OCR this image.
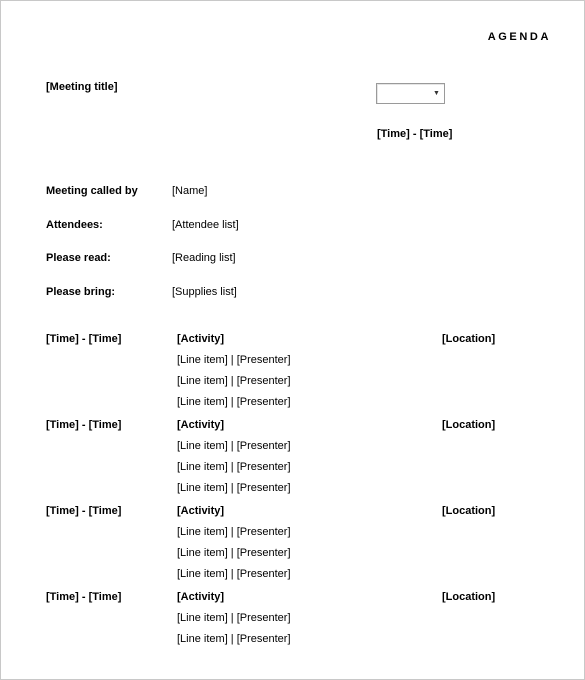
AGENDA
[Meeting title]
▼
[Time] - [Time]
Meeting called by	[Name]
Attendees:	[Attendee list]
Please read:	[Reading list]
Please bring:	[Supplies list]
[Time] - [Time]	[Activity]	[Location]
[Line item] | [Presenter]
[Line item] | [Presenter]
[Line item] | [Presenter]
[Time] - [Time]	[Activity]	[Location]
[Line item] | [Presenter]
[Line item] | [Presenter]
[Line item] | [Presenter]
[Time] - [Time]	[Activity]	[Location]
[Line item] | [Presenter]
[Line item] | [Presenter]
[Line item] | [Presenter]
[Time] - [Time]	[Activity]	[Location]
[Line item] | [Presenter]
[Line item] | [Presenter]
